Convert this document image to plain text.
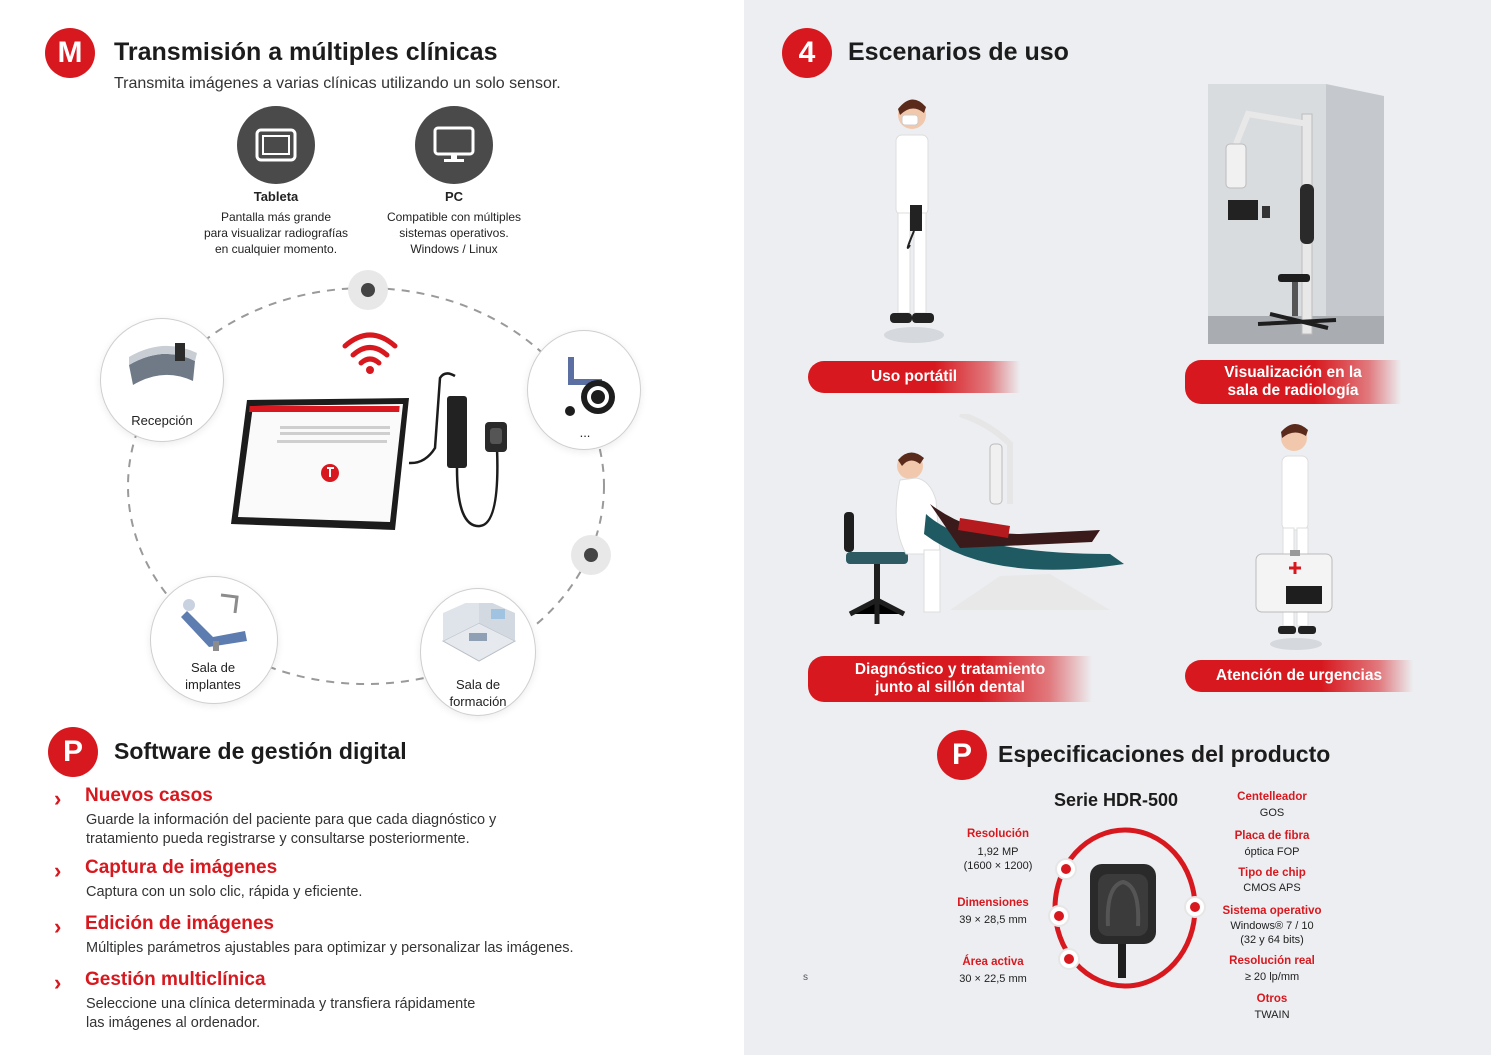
M	Transmisión a múltiples clínicas
Transmita imágenes a varias clínicas utilizando un solo sensor.
Tableta
Pantalla más grande
para visualizar radiografías
en cualquier momento.
PC
Compatible con múltiples
sistemas operativos.
Windows / Linux
Recepción
...
Sala de
implantes	Sala de
formación
P	Software de gestión digital
› Nuevos casos
Guarde la información del paciente para que cada diagnóstico y
tratamiento pueda registrarse y consultarse posteriormente.
› Captura de imágenes
Captura con un solo clic, rápida y eficiente.
› Edición de imágenes
Múltiples parámetros ajustables para optimizar y personalizar las imágenes.
› Gestión multiclínica
Seleccione una clínica determinada y transfiera rápidamente
las imágenes al ordenador.
4	Escenarios de uso
Uso portátil	Visualización en la
sala de radiología
Diagnóstico y tratamiento
junto al sillón dental
Atención de urgencias
P	Especificaciones del producto
Serie HDR-500
Resolución
1,92 MP
(1600 × 1200)
Dimensiones
39 × 28,5 mm
Área activa
30 × 22,5 mm
s
Centelleador
GOS
Placa de fibra
óptica FOP
Tipo de chip
CMOS APS
Sistema operativo
Windows® 7 / 10
(32 y 64 bits)
Resolución real
≥ 20 lp/mm
Otros
TWAIN
